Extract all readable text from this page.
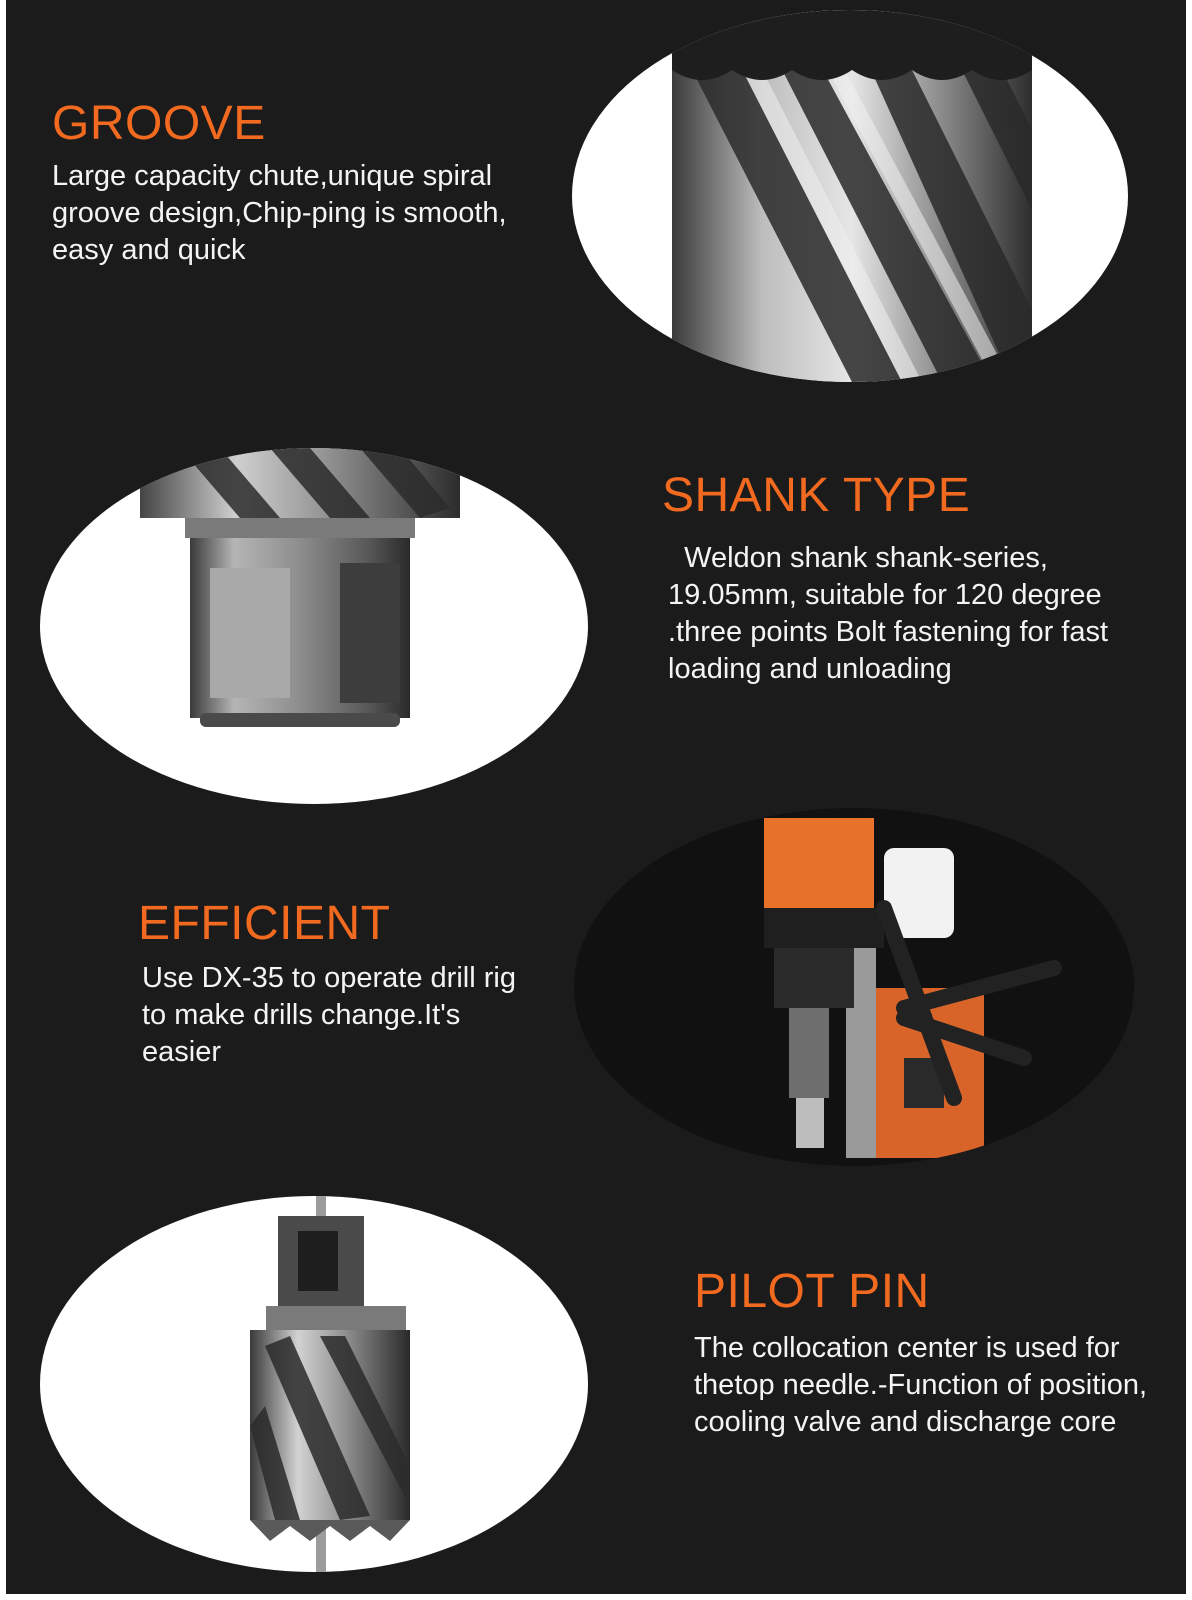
GROOVE

Large capacity chute,unique spiral groove design,Chip-ping is smooth, easy and quick

SHANK TYPE

Weldon shank shank-series, 19.05mm, suitable for 120 degree .three points Bolt fastening for fast loading and unloading

EFFICIENT

Use DX-35 to operate drill rig to make drills change.It's easier

PILOT PIN

The collocation center is used for thetop needle.-Function of position, cooling valve and discharge core
